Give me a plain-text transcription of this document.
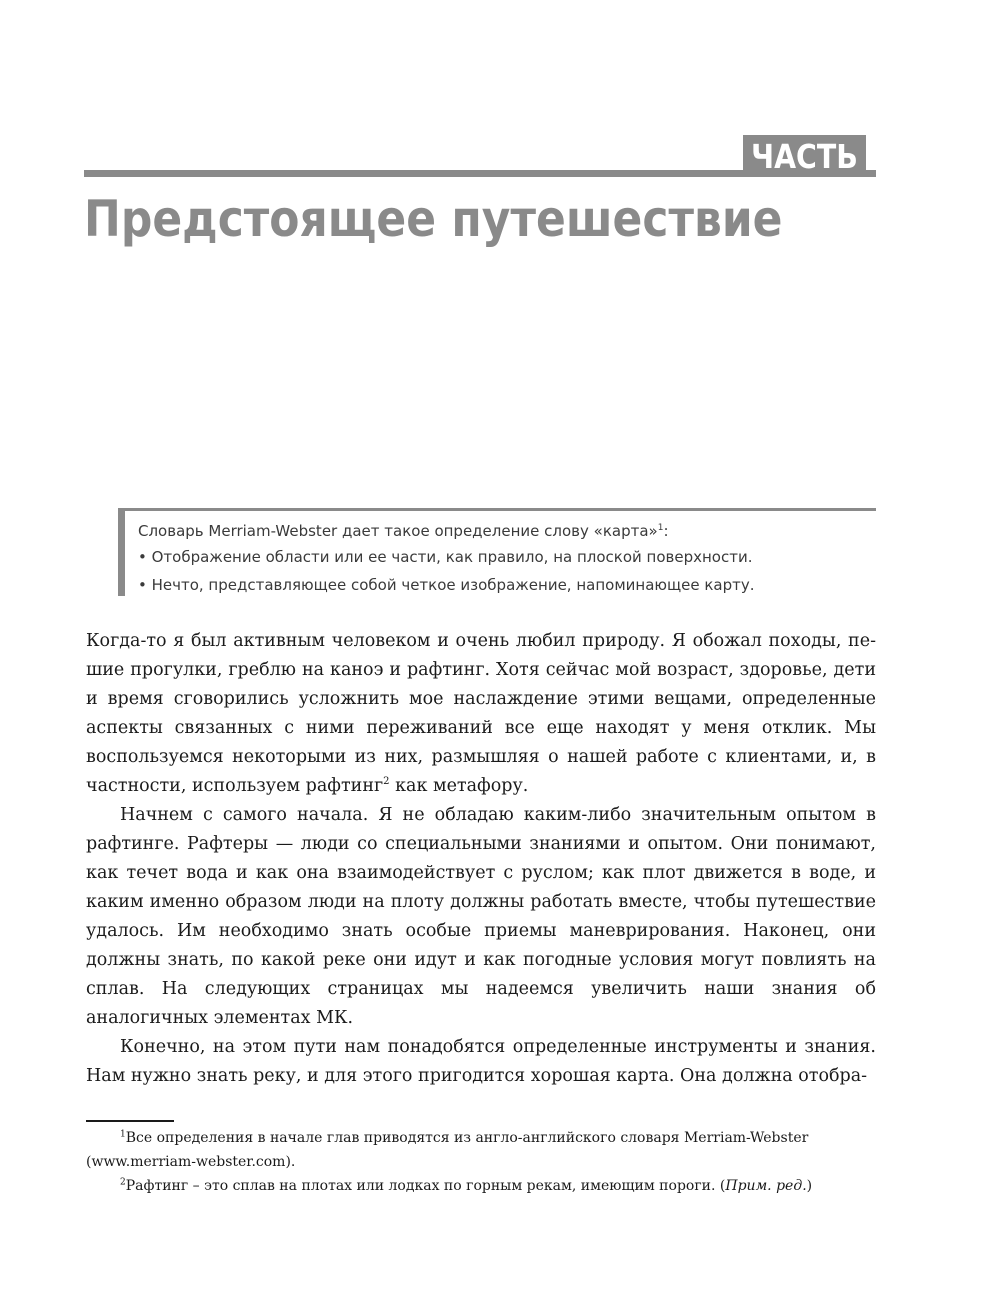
ЧАСТЬ I
Предстоящее путешествие
Словарь Merriam-Webster дает такое определение слову «карта»$^1$:
• Отображение области или ее части, как правило, на плоской поверхности.
• Нечто, представляющее собой четкое изображение, напоминающее карту.

Когда-то я был активным человеком и очень любил природу. Я обожал походы, пешие прогулки, греблю на каноэ и рафтинг. Хотя сейчас мой возраст, здоровье, дети и время сговорились усложнить мое наслаждение этими вещами, определенные аспекты связанных с ними переживаний все еще находят у меня отклик. Мы воспользуемся некоторыми из них, размышляя о нашей работе с клиентами, и, в частности, используем рафтинг$^2$ как метафору.

Начнем с самого начала. Я не обладаю каким-либо значительным опытом в рафтинге. Рафтеры — люди со специальными знаниями и опытом. Они понимают, как течет вода и как она взаимодействует с руслом; как плот движется в воде, и каким именно образом люди на плоту должны работать вместе, чтобы путешествие удалось. Им необходимо знать особые приемы маневрирования. Наконец, они должны знать, по какой реке они идут и как погодные условия могут повлиять на сплав. На следующих страницах мы надеемся увеличить наши знания об аналогичных элементах МК.

Конечно, на этом пути нам понадобятся определенные инструменты и знания. Нам нужно знать реку, и для этого пригодится хорошая карта. Она должна отобра-

$^1$Все определения в начале глав приводятся из англо-английского словаря Merriam-Webster (www.merriam-webster.com).

$^2$Рафтинг – это сплав на плотах или лодках по горным рекам, имеющим пороги. (Прим. ред.)
